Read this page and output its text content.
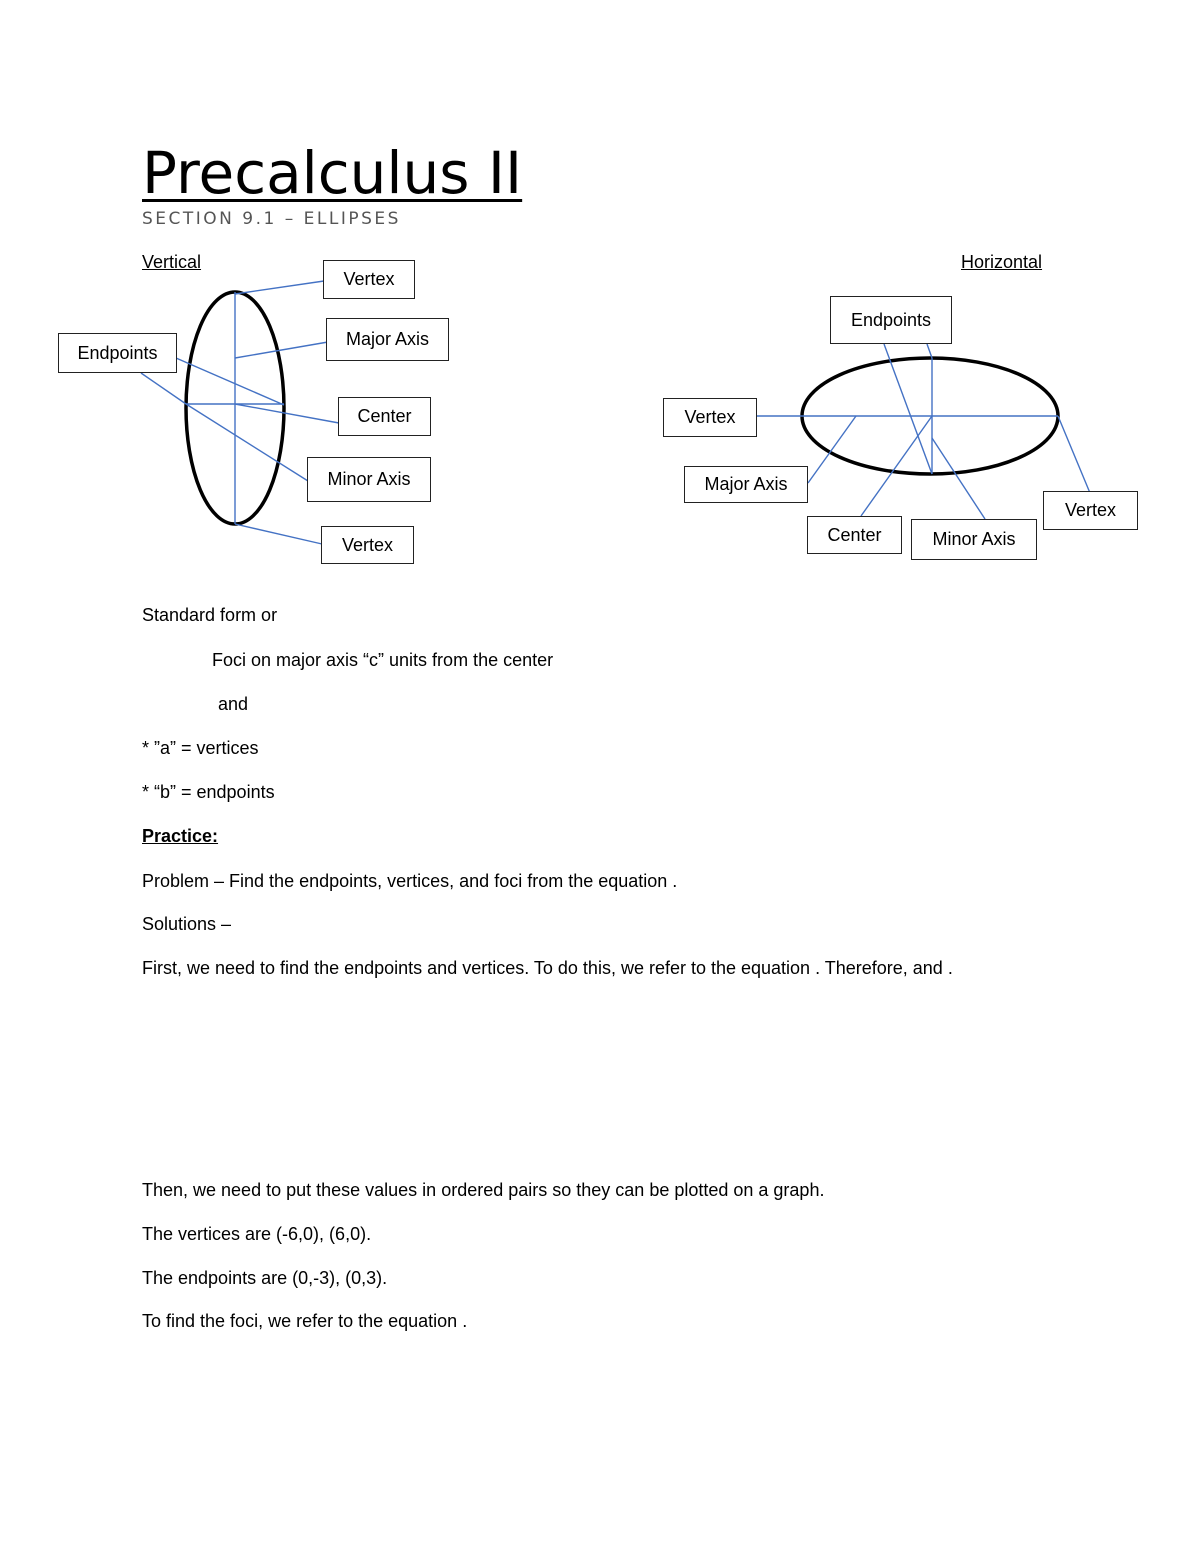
Precalculus II
SECTION 9.1 – ELLIPSES
Vertical
Vertex
Major Axis
Endpoints
Center
Minor Axis
Vertex
Horizontal
Endpoints
Vertex
Major Axis
Center	Minor Axis
Vertex
Standard form or
Foci on major axis “c” units from the center
and
* ”a” = vertices
* “b” = endpoints
Practice:
Problem – Find the endpoints, vertices, and foci from the equation .
Solutions –
First, we need to find the endpoints and vertices. To do this, we refer to the equation . Therefore, and .
Then, we need to put these values in ordered pairs so they can be plotted on a graph.
The vertices are (-6,0), (6,0).
The endpoints are (0,-3), (0,3).
To find the foci, we refer to the equation .
